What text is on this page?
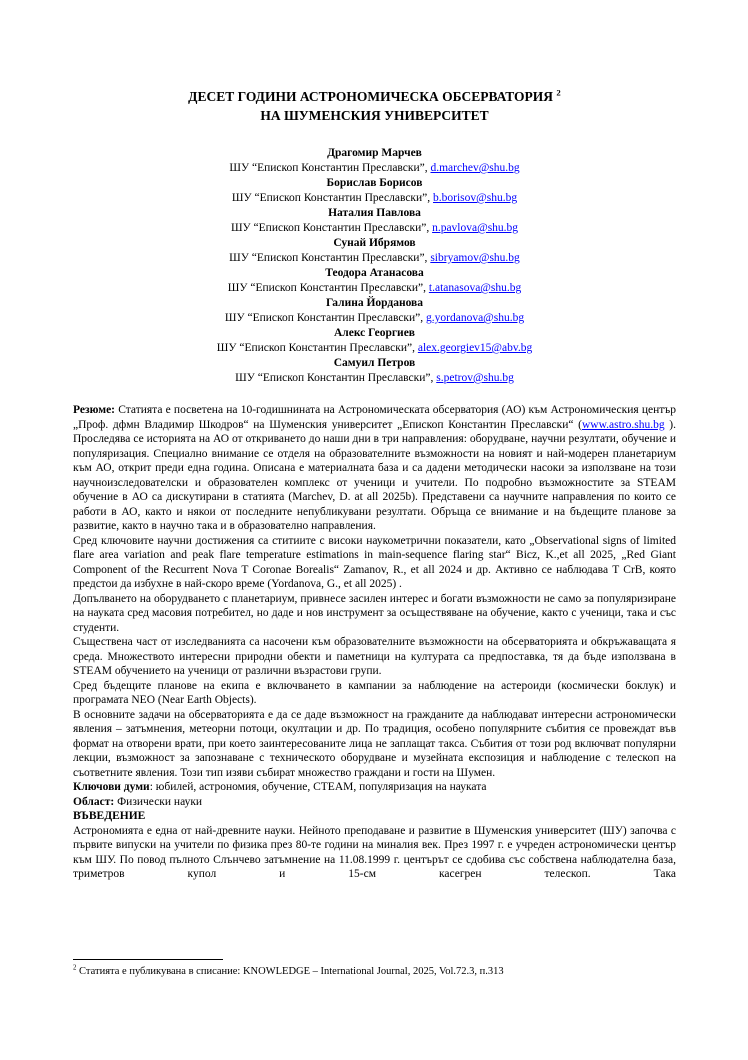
ДЕСЕТ ГОДИНИ АСТРОНОМИЧЕСКА ОБСЕРВАТОРИЯ $^2$
НА ШУМЕНСКИЯ УНИВЕРСИТЕТ
Драгомир Марчев
ШУ “Епископ Константин Преславски”, d.marchev@shu.bg
Борислав Борисов
ШУ “Епископ Константин Преславски”, b.borisov@shu.bg
Наталия Павлова
ШУ “Епископ Константин Преславски”, n.pavlova@shu.bg
Сунай Ибрямов
ШУ “Епископ Константин Преславски”, sibryamov@shu.bg
Теодора Атанасова
ШУ “Епископ Константин Преславски”, t.atanasova@shu.bg
Галина Йорданова
ШУ “Епископ Константин Преславски”, g.yordanova@shu.bg
Алекс Георгиев
ШУ “Епископ Константин Преславски”, alex.georgiev15@abv.bg
Самуил Петров
ШУ “Епископ Константин Преславски”, s.petrov@shu.bg

Резюме: Статията е посветена на 10-годишнината на Астрономическата обсерватория (АО) към Астрономическия център „Проф. дфмн Владимир Шкодров“ на Шуменския университет „Епископ Константин Преславски“ (www.astro.shu.bg ). Проследява се историята на АО от откриването до наши дни в три направления: оборудване, научни резултати, обучение и популяризация. Специално внимание се отделя на образователните възможности на новият и най-модерен планетариум към АО, открит преди една година. Описана е материалната база и са дадени методически насоки за използване на този научноизследователски и образователен комплекс от ученици и учители. По подробно възможностите за STEAM обучение в АО са дискутирани в статията (Marchev, D. at all 2025b). Представени са научните направления по които се работи в АО, както и някои от последните непубликувани резултати. Обръща се внимание и на бъдещите планове за развитие, както в научно така и в образователно направления.

Сред ключовите научни достижения са ститиите с високи наукометрични показатели, като „Observational signs of limited flare area variation and peak flare temperature estimations in main-sequence flaring star“ Bicz, K.,et all 2025, „Red Giant Component of the Recurrent Nova T Coronae Borealis“ Zamanov, R., et all 2024 и др. Активно се наблюдава T CrB, която предстои да избухне в най-скоро време (Yordanova, G., et all 2025) .

Допълването на оборудването с планетариум, привнесе засилен интерес и богати възможности не само за популяризиране на науката сред масовия потребител, но даде и нов инструмент за осъществяване на обучение, както с ученици, така и със студенти.

Съществена част от изследванията са насочени към образователните възможности на обсерваторията и обкръжаващата я среда. Множеството интересни природни обекти и паметници на културата са предпоставка, тя да бъде използвана в STEAM обучението на ученици от различни възрастови групи.

Сред бъдещите планове на екипа е включването в кампании за наблюдение на астероиди (космически боклук) и програмата NEO (Near Earth Objects).

В основните задачи на обсерваторията е да се даде възможност на гражданите да наблюдават интересни астрономически явления – затъмнения, метеорни потоци, окултации и др. По традиция, особено популярните събития се провеждат във формат на отворени врати, при което заинтересованите лица не заплащат такса. Събития от този род включват популярни лекции, възможност за запознаване с техническото оборудване и музейната експозиция и наблюдение с телескоп на съответните явления. Този тип изяви събират множество граждани и гости на Шумен.

Ключови думи: юбилей, астрономия, обучение, СТЕАМ, популяризация на науката

Област: Физически науки

ВЪВЕДЕНИЕ

Астрономията е една от най-древните науки. Нейното преподаване и развитие в Шуменския университет (ШУ) започва с първите випуски на учители по физика през 80-те години на миналия век. През 1997 г. е учреден астрономически център към ШУ. По повод пълното Слънчево затъмнение на 11.08.1999 г. центърът се сдобива със собствена наблюдателна база, триметров купол и 15-см касегрен телескоп. Така

$^2$ Статията е публикувана в списание: KNOWLEDGE – International Journal, 2025, Vol.72.3, п.313
